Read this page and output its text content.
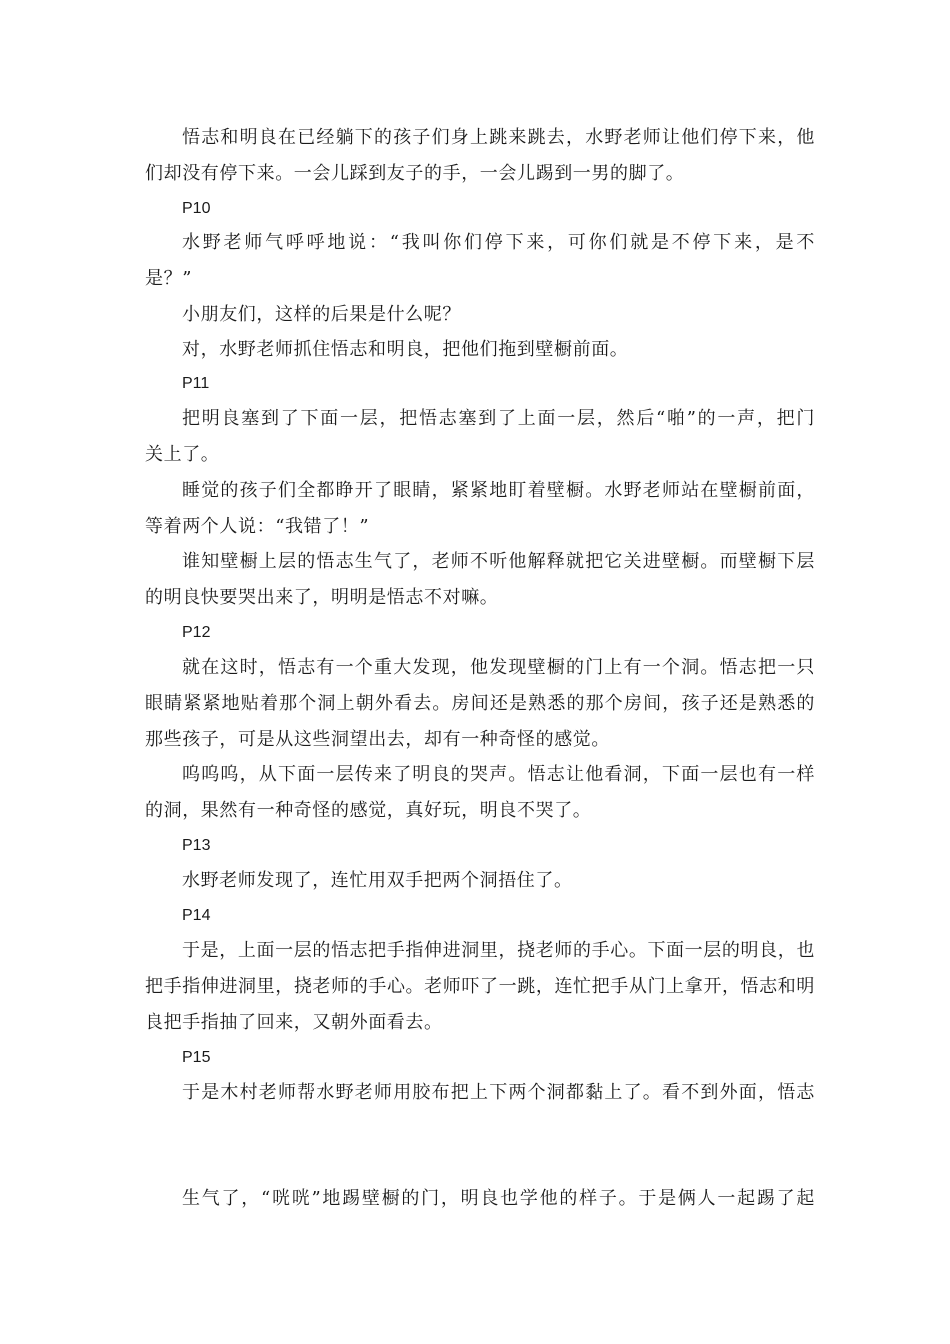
悟志和明良在已经躺下的孩子们身上跳来跳去，水野老师让他们停下来，他
们却没有停下来。一会儿踩到友子的手，一会儿踢到一男的脚了。
P10
水野老师气呼呼地说：“我叫你们停下来，可你们就是不停下来，是不
是？”
小朋友们，这样的后果是什么呢？
对，水野老师抓住悟志和明良，把他们拖到壁橱前面。
P11
把明良塞到了下面一层，把悟志塞到了上面一层，然后“啪”的一声，把门
关上了。
睡觉的孩子们全都睁开了眼睛，紧紧地盯着壁橱。水野老师站在壁橱前面，
等着两个人说：“我错了！”
谁知壁橱上层的悟志生气了，老师不听他解释就把它关进壁橱。而壁橱下层
的明良快要哭出来了，明明是悟志不对嘛。
P12
就在这时，悟志有一个重大发现，他发现壁橱的门上有一个洞。悟志把一只
眼睛紧紧地贴着那个洞上朝外看去。房间还是熟悉的那个房间，孩子还是熟悉的
那些孩子，可是从这些洞望出去，却有一种奇怪的感觉。
呜呜呜，从下面一层传来了明良的哭声。悟志让他看洞，下面一层也有一样
的洞，果然有一种奇怪的感觉，真好玩，明良不哭了。
P13
水野老师发现了，连忙用双手把两个洞捂住了。
P14
于是，上面一层的悟志把手指伸进洞里，挠老师的手心。下面一层的明良，也
把手指伸进洞里，挠老师的手心。老师吓了一跳，连忙把手从门上拿开，悟志和明
良把手指抽了回来，又朝外面看去。
P15
于是木村老师帮水野老师用胶布把上下两个洞都黏上了。看不到外面，悟志
生气了，“咣咣”地踢壁橱的门，明良也学他的样子。于是俩人一起踢了起
